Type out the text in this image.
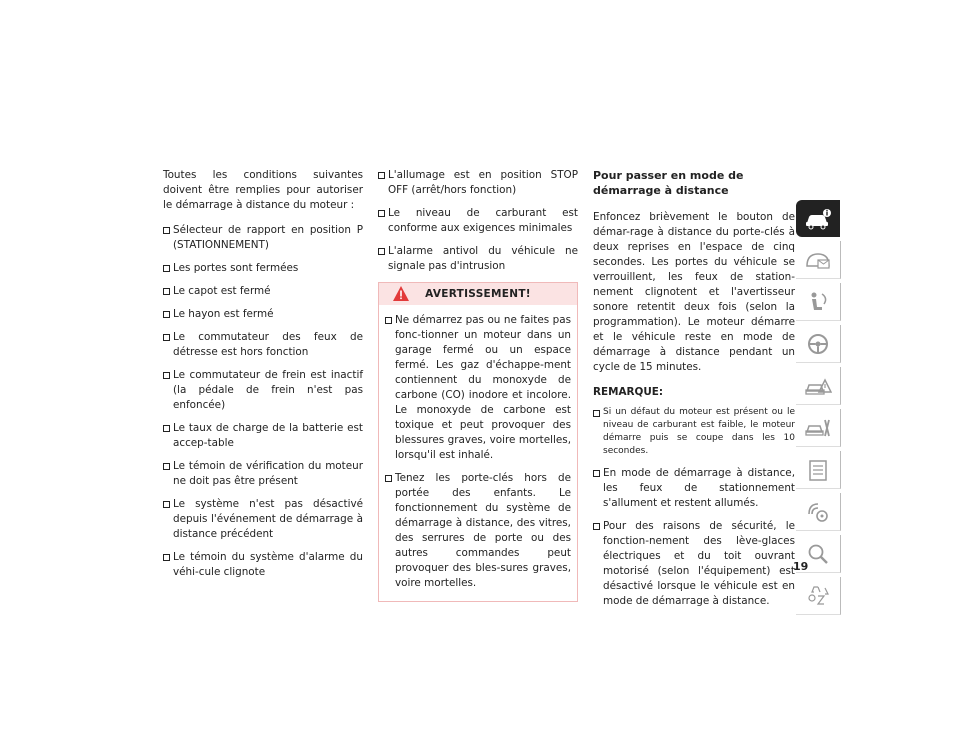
Toutes les conditions suivantes doivent être remplies pour autoriser le démarrage à distance du moteur :

Sélecteur de rapport en position P (STATIONNEMENT)
Les portes sont fermées
Le capot est fermé
Le hayon est fermé
Le commutateur des feux de détresse est hors fonction
Le commutateur de frein est inactif (la pédale de frein n'est pas enfoncée)
Le taux de charge de la batterie est accep-table
Le témoin de vérification du moteur ne doit pas être présent
Le système n'est pas désactivé depuis l'événement de démarrage à distance précédent
Le témoin du système d'alarme du véhi-cule clignote
L'allumage est en position STOP OFF (arrêt/hors fonction)
Le niveau de carburant est conforme aux exigences minimales
L'alarme antivol du véhicule ne signale pas d'intrusion
AVERTISSEMENT!
Ne démarrez pas ou ne faites pas fonc-tionner un moteur dans un garage fermé ou un espace fermé. Les gaz d'échappe-ment contiennent du monoxyde de carbone (CO) inodore et incolore. Le monoxyde de carbone est toxique et peut provoquer des blessures graves, voire mortelles, lorsqu'il est inhalé.
Tenez les porte-clés hors de portée des enfants. Le fonctionnement du système de démarrage à distance, des vitres, des serrures de porte ou des autres commandes peut provoquer des bles-sures graves, voire mortelles.
Pour passer en mode de démarrage à distance

Enfoncez brièvement le bouton de démar-rage à distance du porte-clés à deux reprises en l'espace de cinq secondes. Les portes du véhicule se verrouillent, les feux de station-nement clignotent et l'avertisseur sonore retentit deux fois (selon la programmation). Le moteur démarre et le véhicule reste en mode de démarrage à distance pendant un cycle de 15 minutes.

REMARQUE:
Si un défaut du moteur est présent ou le niveau de carburant est faible, le moteur démarre puis se coupe dans les 10 secondes.
En mode de démarrage à distance, les feux de stationnement s'allument et restent allumés.
Pour des raisons de sécurité, le fonction-nement des lève-glaces électriques et du toit ouvrant motorisé (selon l'équipement) est désactivé lorsque le véhicule est en mode de démarrage à distance.
19
